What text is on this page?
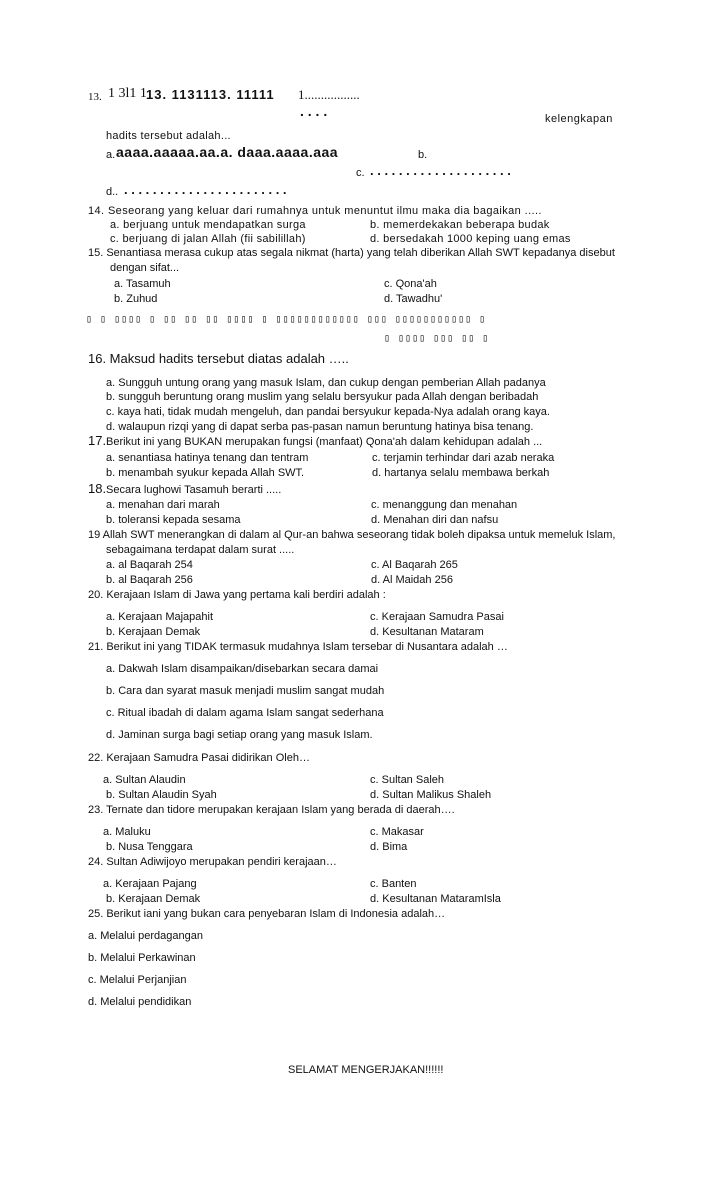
13. 1 3l1 1 13. 1131113. 11111 1.................
. . . .	kelengkapan
hadits tersebut adalah...
a. aaaa.aaaaa.aa.a. daaa.aaaa.aaa	b.
c. . . . . . . . . . . . . . . . . . . . .
d.. . . . . . . . . . . . . . . . . . . . . . . .
14. Seseorang yang keluar dari rumahnya untuk menuntut ilmu maka dia bagaikan .....
a. berjuang untuk mendapatkan surga	b. memerdekakan beberapa budak
c. berjuang di jalan Allah (fii sabilillah)	d. bersedakah 1000 keping uang emas
15. Senantiasa merasa cukup atas segala nikmat (harta) yang telah diberikan Allah SWT kepadanya disebut
dengan sifat...
a. Tasamuh
b. Zuhud
c. Qona'ah
d. Tawadhu'
▯ ▯ ▯▯▯▯ ▯ ▯▯ ▯▯ ▯▯ ▯▯▯▯ ▯ ▯▯▯▯▯▯▯▯▯▯▯▯ ▯▯▯ ▯▯▯▯▯▯▯▯▯▯▯ ▯
▯ ▯▯▯▯ ▯▯▯ ▯▯ ▯
16. Maksud hadits tersebut diatas adalah …..
a. Sungguh untung orang yang masuk Islam, dan cukup dengan pemberian Allah padanya
b. sungguh beruntung orang muslim yang selalu bersyukur pada Allah dengan beribadah
c. kaya hati, tidak mudah mengeluh, dan pandai bersyukur kepada-Nya adalah orang kaya.
d. walaupun rizqi yang di dapat serba pas-pasan namun beruntung hatinya bisa tenang.
17. Berikut ini yang BUKAN merupakan fungsi (manfaat) Qona'ah dalam kehidupan adalah ...
a. senantiasa hatinya tenang dan tentram
b. menambah syukur kepada Allah SWT.
c. terjamin terhindar dari azab neraka
d. hartanya selalu membawa berkah
18. Secara lughowi Tasamuh berarti .....
a. menahan dari marah
b. toleransi kepada sesama
c. menanggung dan menahan
d. Menahan diri dan nafsu
19 Allah SWT menerangkan di dalam al Qur-an bahwa seseorang tidak boleh dipaksa untuk memeluk Islam,
sebagaimana terdapat dalam surat .....
a. al Baqarah 254
b. al Baqarah 256
c. Al Baqarah 265
d. Al Maidah 256
20. Kerajaan Islam di Jawa yang pertama kali berdiri adalah :
a. Kerajaan Majapahit
b. Kerajaan Demak
c. Kerajaan Samudra Pasai
d. Kesultanan Mataram
21. Berikut ini yang TIDAK termasuk mudahnya Islam tersebar di Nusantara adalah …
a. Dakwah Islam disampaikan/disebarkan secara damai
b. Cara dan syarat masuk menjadi muslim sangat mudah
c. Ritual ibadah di dalam agama Islam sangat sederhana
d. Jaminan surga bagi setiap orang yang masuk Islam.
22. Kerajaan Samudra Pasai didirikan Oleh…
a. Sultan Alaudin
b. Sultan Alaudin Syah
c. Sultan Saleh
d. Sultan Malikus Shaleh
23. Ternate dan tidore merupakan kerajaan Islam yang berada di daerah….
a. Maluku
b. Nusa Tenggara
c. Makasar
d. Bima
24. Sultan Adiwijoyo merupakan pendiri kerajaan…
a. Kerajaan Pajang
b. Kerajaan Demak
c. Banten
d. Kesultanan MataramIsla
25. Berikut iani yang bukan cara penyebaran Islam di Indonesia adalah…
a. Melalui perdagangan
b. Melalui Perkawinan
c. Melalui Perjanjian
d. Melalui pendidikan
SELAMAT MENGERJAKAN!!!!!!
